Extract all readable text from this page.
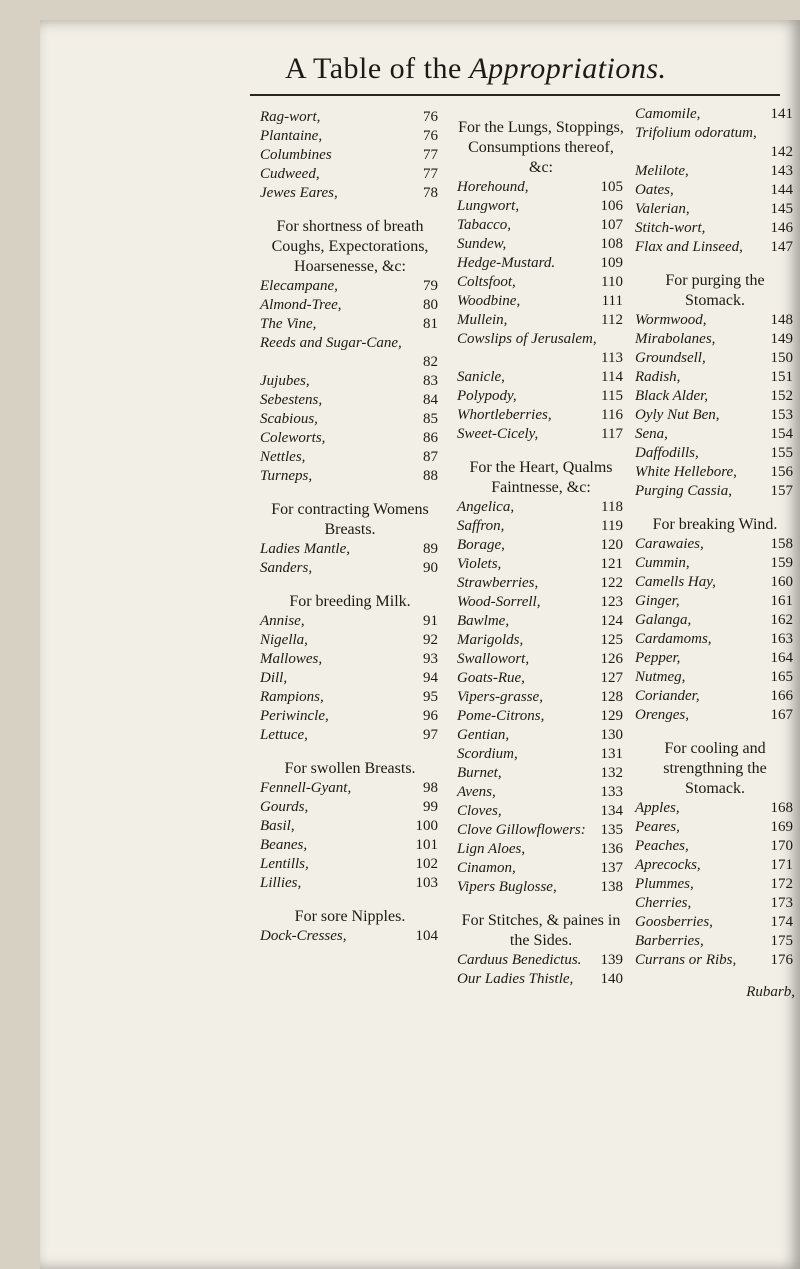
A Table of the Appropriations.
Rag-wort,	76
Plantaine,	76
Columbines	77
Cudweed,	77
Jewes Eares,	78
For shortness of breath Coughs, Expectorations, Hoarsenesse, &c:
Elecampane,	79
Almond-Tree,	80
The Vine,	81
Reeds and Sugar-Cane,
82
Jujubes,	83
Sebestens,	84
Scabious,	85
Coleworts,	86
Nettles,	87
Turneps,	88
For contracting Womens Breasts.
Ladies Mantle,	89
Sanders,	90
For breeding Milk.
Annise,	91
Nigella,	92
Mallowes,	93
Dill,	94
Rampions,	95
Periwincle,	96
Lettuce,	97
For swollen Breasts.
Fennell-Gyant,	98
Gourds,	99
Basil,	100
Beanes,	101
Lentills,	102
Lillies,	103
For sore Nipples.
Dock-Cresses,	104
For the Lungs, Stoppings, Consumptions thereof, &c:
Horehound,	105
Lungwort,	106
Tabacco,	107
Sundew,	108
Hedge-Mustard.	109
Coltsfoot,	110
Woodbine,	111
Mullein,	112
Cowslips of Jerusalem,
113
Sanicle,	114
Polypody,	115
Whortleberries,	116
Sweet-Cicely,	117
For the Heart, Qualms Faintnesse, &c:
Angelica,	118
Saffron,	119
Borage,	120
Violets,	121
Strawberries,	122
Wood-Sorrell,	123
Bawlme,	124
Marigolds,	125
Swallowort,	126
Goats-Rue,	127
Vipers-grasse,	128
Pome-Citrons,	129
Gentian,	130
Scordium,	131
Burnet,	132
Avens,	133
Cloves,	134
Clove Gillowflowers: 135
Lign Aloes,	136
Cinamon,	137
Vipers Buglosse,	138
For Stitches, & paines in the Sides.
Carduus Benedictus. 139
Our Ladies Thistle, 140
Camomile,	141
Trifolium odoratum,
142
Melilote,	143
Oates,	144
Valerian,	145
Stitch-wort,	146
Flax and Linseed, 147
For purging the Stomack.
Wormwood,	148
Mirabolanes,	149
Groundsell,	150
Radish,	151
Black Alder,	152
Oyly Nut Ben,	153
Sena,	154
Daffodills,	155
White Hellebore, 156
Purging Cassia,	157
For breaking Wind.
Carawaies,	158
Cummin,	159
Camells Hay,	160
Ginger,	161
Galanga,	162
Cardamoms,	163
Pepper,	164
Nutmeg,	165
Coriander,	166
Orenges,	167
For cooling and strengthning the Stomack.
Apples,	168
Peares,	169
Peaches,	170
Aprecocks,	171
Plummes,	172
Cherries,	173
Goosberries,	174
Barberries,	175
Currans or Ribs, 176
Rubarb,
